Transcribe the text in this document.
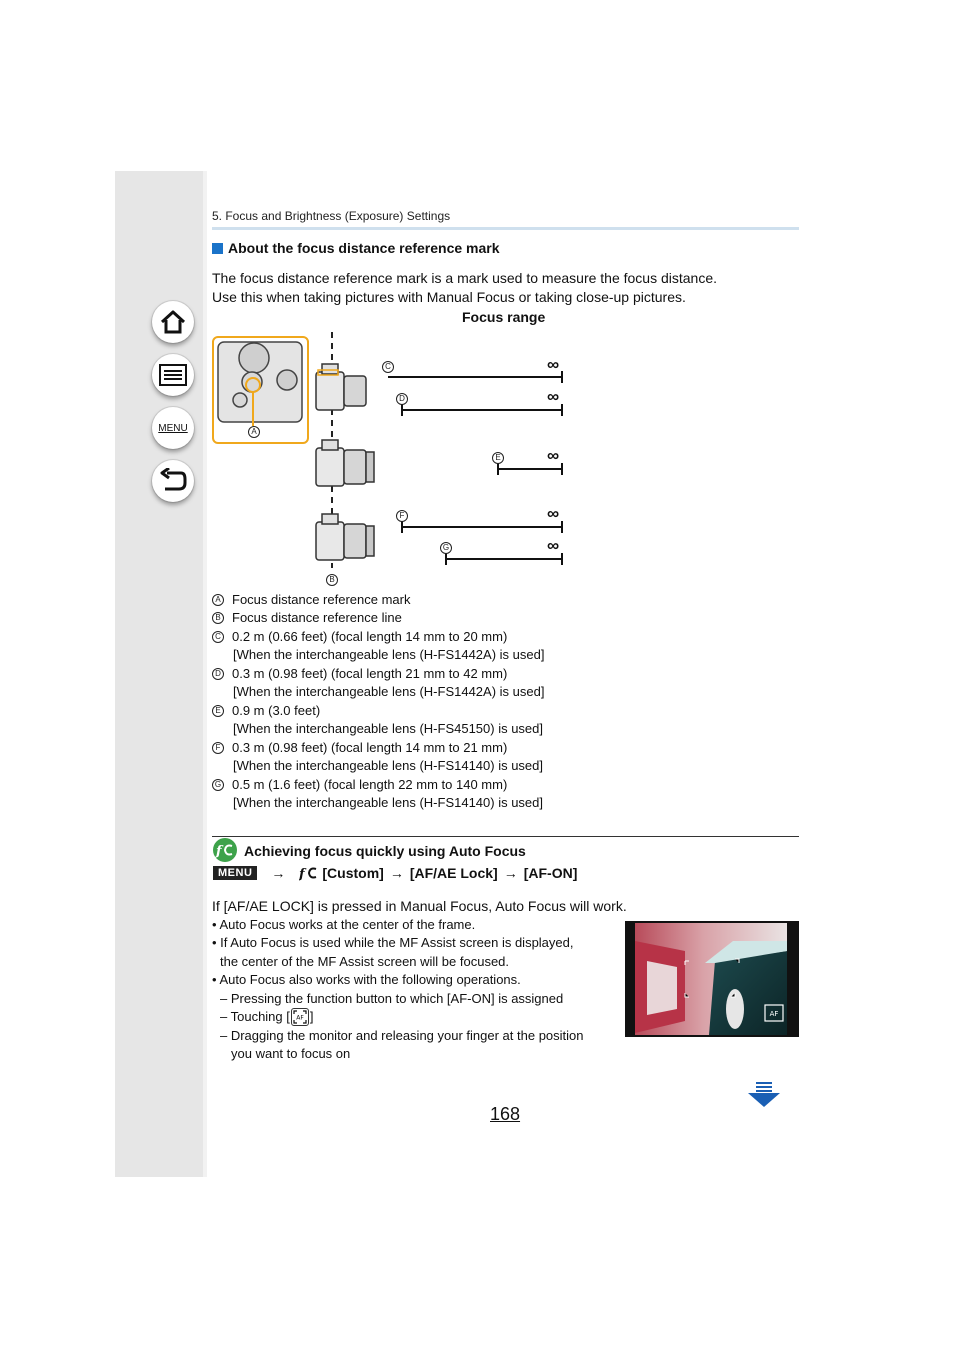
MENU
5. Focus and Brightness (Exposure) Settings
About the focus distance reference mark
The focus distance reference mark is a mark used to measure the focus distance.
Use this when taking pictures with Manual Focus or taking close-up pictures.
Focus range
∞
∞
∞
∞
∞
A
B
C
D
E
F
G
A Focus distance reference mark
B Focus distance reference line
C 0.2 m (0.66 feet) (focal length 14 mm to 20 mm)
[When the interchangeable lens (H-FS1442A) is used]
D 0.3 m (0.98 feet) (focal length 21 mm to 42 mm)
[When the interchangeable lens (H-FS1442A) is used]
E 0.9 m (3.0 feet)
[When the interchangeable lens (H-FS45150) is used]
F 0.3 m (0.98 feet) (focal length 14 mm to 21 mm)
[When the interchangeable lens (H-FS14140) is used]
G 0.5 m (1.6 feet) (focal length 22 mm to 140 mm)
[When the interchangeable lens (H-FS14140) is used]
f Achieving focus quickly using Auto Focus
MENU	→ f [Custom] → [AF/AE Lock] → [AF-ON]
If [AF/AE LOCK] is pressed in Manual Focus, Auto Focus will work.
• Auto Focus works at the center of the frame.
• If Auto Focus is used while the MF Assist screen is displayed,
the center of the MF Assist screen will be focused.
• Auto Focus also works with the following operations.
– Pressing the function button to which [AF-ON] is assigned
– Touching [ AF ]
– Dragging the monitor and releasing your finger at the position
you want to focus on
AF
168
